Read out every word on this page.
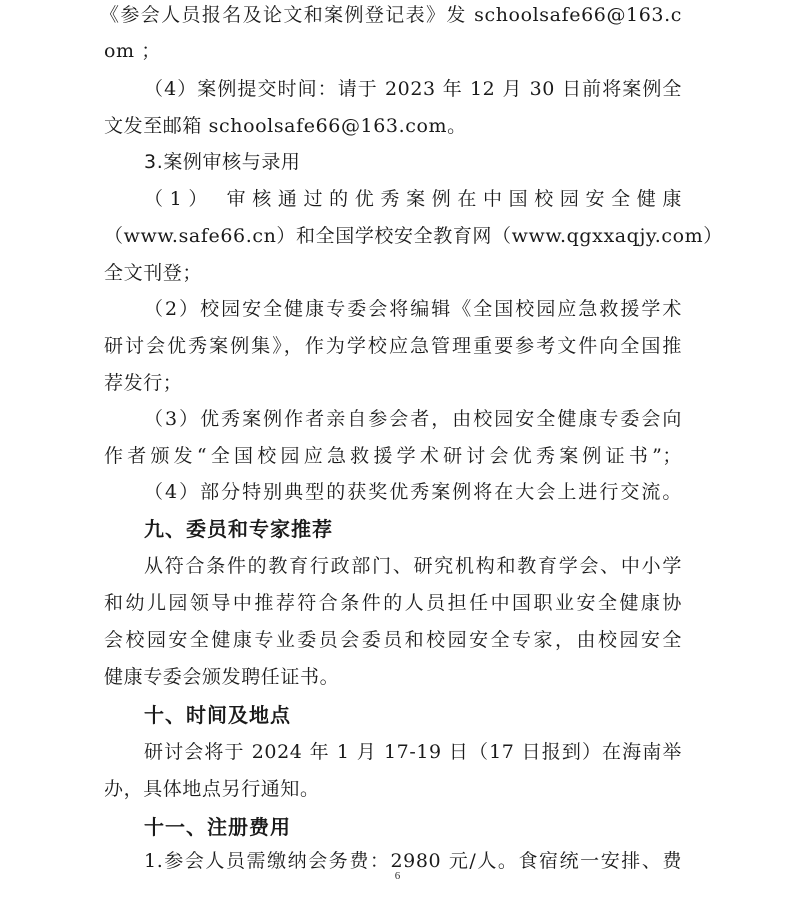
《参会人员报名及论文和案例登记表》发 schoolsafe66@163.c
om ；
（4）案例提交时间：请于 2023 年 12 月 30 日前将案例全
文发至邮箱 schoolsafe66@163.com。
3.案例审核与录用
（1） 审核通过的优秀案例在中国校园安全健康
（www.safe66.cn）和全国学校安全教育网（www.qgxxaqjy.com）
全文刊登；
（2）校园安全健康专委会将编辑《全国校园应急救援学术
研讨会优秀案例集》，作为学校应急管理重要参考文件向全国推
荐发行；
（3）优秀案例作者亲自参会者，由校园安全健康专委会向
作者颁发“全国校园应急救援学术研讨会优秀案例证书”；
（4）部分特别典型的获奖优秀案例将在大会上进行交流。
九、委员和专家推荐
从符合条件的教育行政部门、研究机构和教育学会、中小学
和幼儿园领导中推荐符合条件的人员担任中国职业安全健康协
会校园安全健康专业委员会委员和校园安全专家，由校园安全
健康专委会颁发聘任证书。
十、时间及地点
研讨会将于 2024 年 1 月 17-19 日（17 日报到）在海南举
办，具体地点另行通知。
十一、注册费用
1.参会人员需缴纳会务费：2980 元/人。食宿统一安排、费
6
